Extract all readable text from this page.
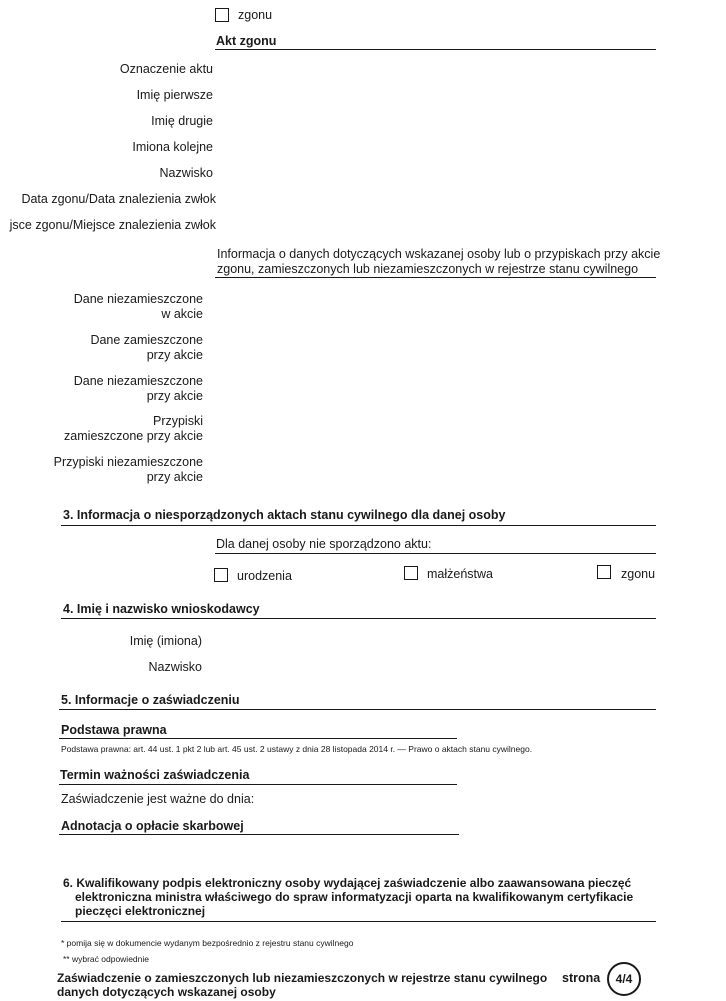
zgonu
Akt zgonu
Oznaczenie aktu
Imię pierwsze
Imię drugie
Imiona kolejne
Nazwisko
Data zgonu/Data znalezienia zwłok
jsce zgonu/Miejsce znalezienia zwłok
Informacja o danych dotyczących wskazanej osoby lub o przypiskach przy akcie
zgonu, zamieszczonych lub niezamieszczonych w rejestrze stanu cywilnego
Dane niezamieszczone
w akcie
Dane zamieszczone
przy akcie
Dane niezamieszczone
przy akcie
Przypiski
zamieszczone przy akcie
Przypiski niezamieszczone
przy akcie
3. Informacja o niesporządzonych aktach stanu cywilnego dla danej osoby
Dla danej osoby nie sporządzono aktu:
urodzenia	małżeństwa	zgonu
4. Imię i nazwisko wnioskodawcy
Imię (imiona)
Nazwisko
5. Informacje o zaświadczeniu
Podstawa prawna
Podstawa prawna: art. 44 ust. 1 pkt 2 lub art. 45 ust. 2 ustawy z dnia 28 listopada 2014 r. — Prawo o aktach stanu cywilnego.
Termin ważności zaświadczenia
Zaświadczenie jest ważne do dnia:
Adnotacja o opłacie skarbowej
6. Kwalifikowany podpis elektroniczny osoby wydającej zaświadczenie albo zaawansowana pieczęć
elektroniczna ministra właściwego do spraw informatyzacji oparta na kwalifikowanym certyfikacie
pieczęci elektronicznej
* pomija się w dokumencie wydanym bezpośrednio z rejestru stanu cywilnego
** wybrać odpowiednie
Zaświadczenie o zamieszczonych lub niezamieszczonych w rejestrze stanu cywilnego
danych dotyczących wskazanej osoby
strona 4/4
